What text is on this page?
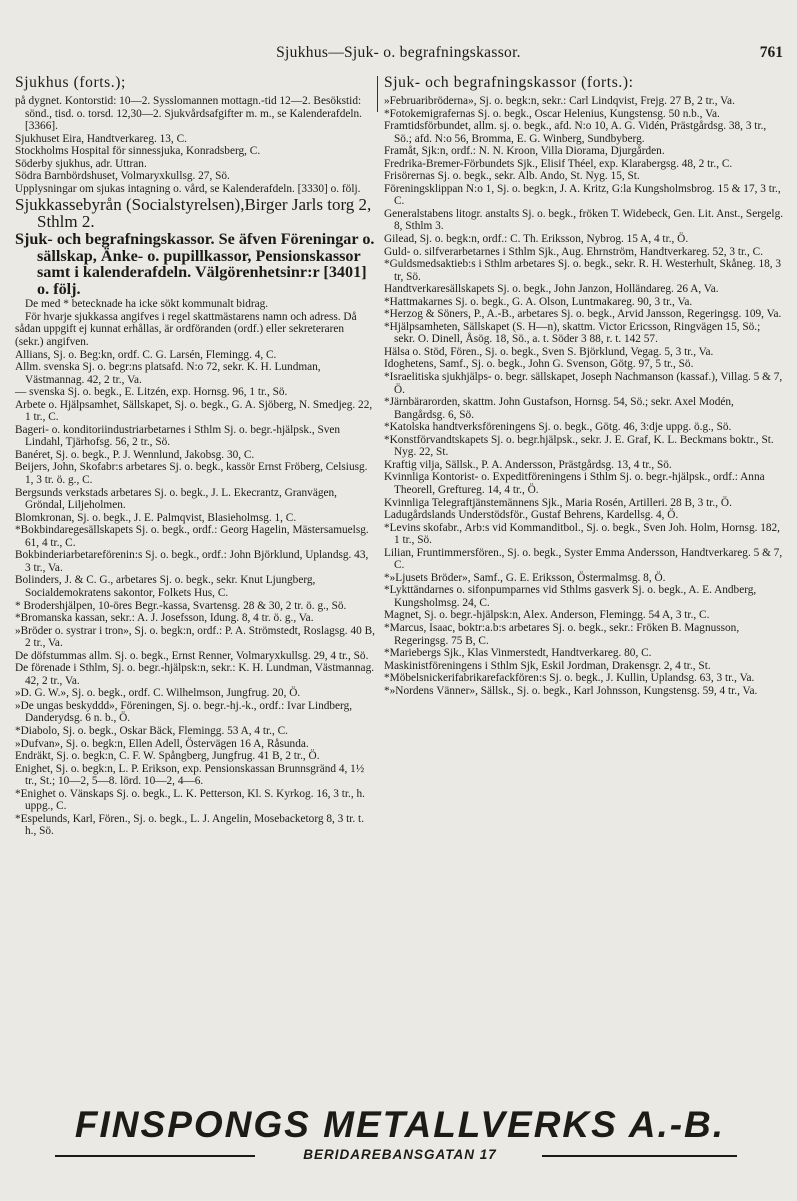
Sjukhus—Sjuk- o. begrafningskassor.	761
Sjukhus (forts.);

på dygnet. Kontorstid: 10—2. Sysslomannen mottagn.-tid 12—2. Besökstid: sönd., tisd. o. torsd. 12,30—2. Sjukvårdsafgifter m. m., se Kalenderafdeln. [3366].

Sjukhuset Eira, Handtverkareg. 13, C.

Stockholms Hospital för sinnessjuka, Konradsberg, C.

Söderby sjukhus, adr. Uttran.

Södra Barnbördshuset, Volmaryxkullsg. 27, Sö.

Upplysningar om sjukas intagning o. vård, se Kalenderafdeln. [3330] o. följ.

Sjukkassebyrån (Socialstyrelsen),Birger Jarls torg 2, Sthlm 2.
Sjuk- och begrafningskassor. Se äfven Föreningar o. sällskap, Änke- o. pupillkassor, Pensionskassor samt i kalenderafdeln. Välgörenhetsinr:r [3401] o. följ.

De med * betecknade ha icke sökt kommunalt bidrag.

För hvarje sjukkassa angifves i regel skattmästarens namn och adress. Då sådan uppgift ej kunnat erhållas, är ordföranden (ordf.) eller sekreteraren (sekr.) angifven.

Allians, Sj. o. Beg:kn, ordf. C. G. Larsén, Flemingg. 4, C.

Allm. svenska Sj. o. begr:ns platsafd. N:o 72, sekr. K. H. Lundman, Västmannag. 42, 2 tr., Va.

— svenska Sj. o. begk., E. Litzén, exp. Hornsg. 96, 1 tr., Sö.

Arbete o. Hjälpsamhet, Sällskapet, Sj. o. begk., G. A. Sjöberg, N. Smedjeg. 22, 1 tr., C.

Bageri- o. konditoriindustriarbetarnes i Sthlm Sj. o. begr.-hjälpsk., Sven Lindahl, Tjärhofsg. 56, 2 tr., Sö.

Banéret, Sj. o. begk., P. J. Wennlund, Jakobsg. 30, C.

Beijers, John, Skofabr:s arbetares Sj. o. begk., kassör Ernst Fröberg, Celsiusg. 1, 3 tr. ö. g., C.

Bergsunds verkstads arbetares Sj. o. begk., J. L. Ekecrantz, Granvägen, Gröndal, Liljeholmen.

Blomkronan, Sj. o. begk., J. E. Palmqvist, Blasieholmsg. 1, C.

*Bokbindaregesällskapets Sj. o. begk., ordf.: Georg Hagelin, Mästersamuelsg. 61, 4 tr., C.

Bokbinderiarbetareförenin:s Sj. o. begk., ordf.: John Björklund, Uplandsg. 43, 3 tr., Va.

Bolinders, J. & C. G., arbetares Sj. o. begk., sekr. Knut Ljungberg, Socialdemokratens sakontor, Folkets Hus, C.

* Brodershjälpen, 10-öres Begr.-kassa, Svartensg. 28 & 30, 2 tr. ö. g., Sö.

*Bromanska kassan, sekr.: A. J. Josefsson, Idung. 8, 4 tr. ö. g., Va.

»Bröder o. systrar i tron», Sj. o. begk:n, ordf.: P. A. Strömstedt, Roslagsg. 40 B, 2 tr., Va.

De döfstummas allm. Sj. o. begk., Ernst Renner, Volmaryxkullsg. 29, 4 tr., Sö.

De förenade i Sthlm, Sj. o. begr.-hjälpsk:n, sekr.: K. H. Lundman, Västmannag. 42, 2 tr., Va.

»D. G. W.», Sj. o. begk., ordf. C. Wilhelmson, Jungfrug. 20, Ö.

»De ungas beskyddd», Föreningen, Sj. o. begr.-hj.-k., ordf.: Ivar Lindberg, Danderydsg. 6 n. b., Ö.

*Diabolo, Sj. o. begk., Oskar Bäck, Flemingg. 53 A, 4 tr., C.

»Dufvan», Sj. o. begk:n, Ellen Adell, Östervägen 16 A, Råsunda.

Endräkt, Sj. o. begk:n, C. F. W. Spångberg, Jungfrug. 41 B, 2 tr., Ö.

Enighet, Sj. o. begk:n, L. P. Erikson, exp. Pensionskassan Brunnsgränd 4, 1½ tr., St.; 10—2, 5—8. lörd. 10—2, 4—6.

*Enighet o. Vänskaps Sj. o. begk., L. K. Petterson, Kl. S. Kyrkog. 16, 3 tr., h. uppg., C.

*Espelunds, Karl, Fören., Sj. o. begk., L. J. Angelin, Mosebacketorg 8, 3 tr. t. h., Sö.

Sjuk- och begrafningskassor (forts.):

»Februaribröderna», Sj. o. begk:n, sekr.: Carl Lindqvist, Frejg. 27 B, 2 tr., Va.

*Fotokemigrafernas Sj. o. begk., Oscar Helenius, Kungstensg. 50 n.b., Va.

Framtidsförbundet, allm. sj. o. begk., afd. N:o 10, A. G. Vidén, Prästgårdsg. 38, 3 tr., Sö.; afd. N:o 56, Bromma, E. G. Winberg, Sundbyberg.

Framåt, Sjk:n, ordf.: N. N. Kroon, Villa Diorama, Djurgården.

Fredrika-Bremer-Förbundets Sjk., Elisif Théel, exp. Klarabergsg. 48, 2 tr., C.

Frisörernas Sj. o. begk., sekr. Alb. Ando, St. Nyg. 15, St.

Föreningsklippan N:o 1, Sj. o. begk:n, J. A. Kritz, G:la Kungsholmsbrog. 15 & 17, 3 tr., C.

Generalstabens litogr. anstalts Sj. o. begk., fröken T. Widebeck, Gen. Lit. Anst., Sergelg. 8, Sthlm 3.

Gilead, Sj. o. begk:n, ordf.: C. Th. Eriksson, Nybrog. 15 A, 4 tr., Ö.

Guld- o. silfverarbetarnes i Sthlm Sjk., Aug. Ehrnström, Handtverkareg. 52, 3 tr., C.

*Guldsmedsaktieb:s i Sthlm arbetares Sj. o. begk., sekr. R. H. Westerhult, Skåneg. 18, 3 tr, Sö.

Handtverkaresällskapets Sj. o. begk., John Janzon, Holländareg. 26 A, Va.

*Hattmakarnes Sj. o. begk., G. A. Olson, Luntmakareg. 90, 3 tr., Va.

*Herzog & Söners, P., A.-B., arbetares Sj. o. begk., Arvid Jansson, Regeringsg. 109, Va.

*Hjälpsamheten, Sällskapet (S. H—n), skattm. Victor Ericsson, Ringvägen 15, Sö.; sekr. O. Dinell, Åsög. 18, Sö., a. t. Söder 3 88, r. t. 142 57.

Hälsa o. Stöd, Fören., Sj. o. begk., Sven S. Björklund, Vegag. 5, 3 tr., Va.

Idoghetens, Samf., Sj. o. begk., John G. Svenson, Götg. 97, 5 tr., Sö.

*Israelitiska sjukhjälps- o. begr. sällskapet, Joseph Nachmanson (kassaf.), Villag. 5 & 7, Ö.

*Järnbärarorden, skattm. John Gustafson, Hornsg. 54, Sö.; sekr. Axel Modén, Bangårdsg. 6, Sö.

*Katolska handtverksföreningens Sj. o. begk., Götg. 46, 3:dje uppg. ö.g., Sö.

*Konstförvandtskapets Sj. o. begr.hjälpsk., sekr. J. E. Graf, K. L. Beckmans boktr., St. Nyg. 22, St.

Kraftig vilja, Sällsk., P. A. Andersson, Prästgårdsg. 13, 4 tr., Sö.

Kvinnliga Kontorist- o. Expeditföreningens i Sthlm Sj. o. begr.-hjälpsk., ordf.: Anna Theorell, Greftureg. 14, 4 tr., Ö.

Kvinnliga Telegraftjänstemännens Sjk., Maria Rosén, Artilleri. 28 B, 3 tr., Ö.

Ladugårdslands Understödsför., Gustaf Behrens, Kardellsg. 4, Ö.

*Levins skofabr., Arb:s vid Kommanditbol., Sj. o. begk., Sven Joh. Holm, Hornsg. 182, 1 tr., Sö.

Lilian, Fruntimmersfören., Sj. o. begk., Syster Emma Andersson, Handtverkareg. 5 & 7, C.

*»Ljusets Bröder», Samf., G. E. Eriksson, Östermalmsg. 8, Ö.

*Lykttändarnes o. sifonpumparnes vid Sthlms gasverk Sj. o. begk., A. E. Andberg, Kungsholmsg. 24, C.

Magnet, Sj. o. begr.-hjälpsk:n, Alex. Anderson, Flemingg. 54 A, 3 tr., C.

*Marcus, Isaac, boktr:a.b:s arbetares Sj. o. begk., sekr.: Fröken B. Magnusson, Regeringsg. 75 B, C.

*Mariebergs Sjk., Klas Vinmerstedt, Handtverkareg. 80, C.

Maskinistföreningens i Sthlm Sjk, Eskil Jordman, Drakensgr. 2, 4 tr., St.

*Möbelsnickerifabrikarefackfören:s Sj. o. begk., J. Kullin, Uplandsg. 63, 3 tr., Va.

*»Nordens Vänner», Sällsk., Sj. o. begk., Karl Johnsson, Kungstensg. 59, 4 tr., Va.

FINSPONGS METALLVERKS A.-B.
BERIDAREBANSGATAN 17
